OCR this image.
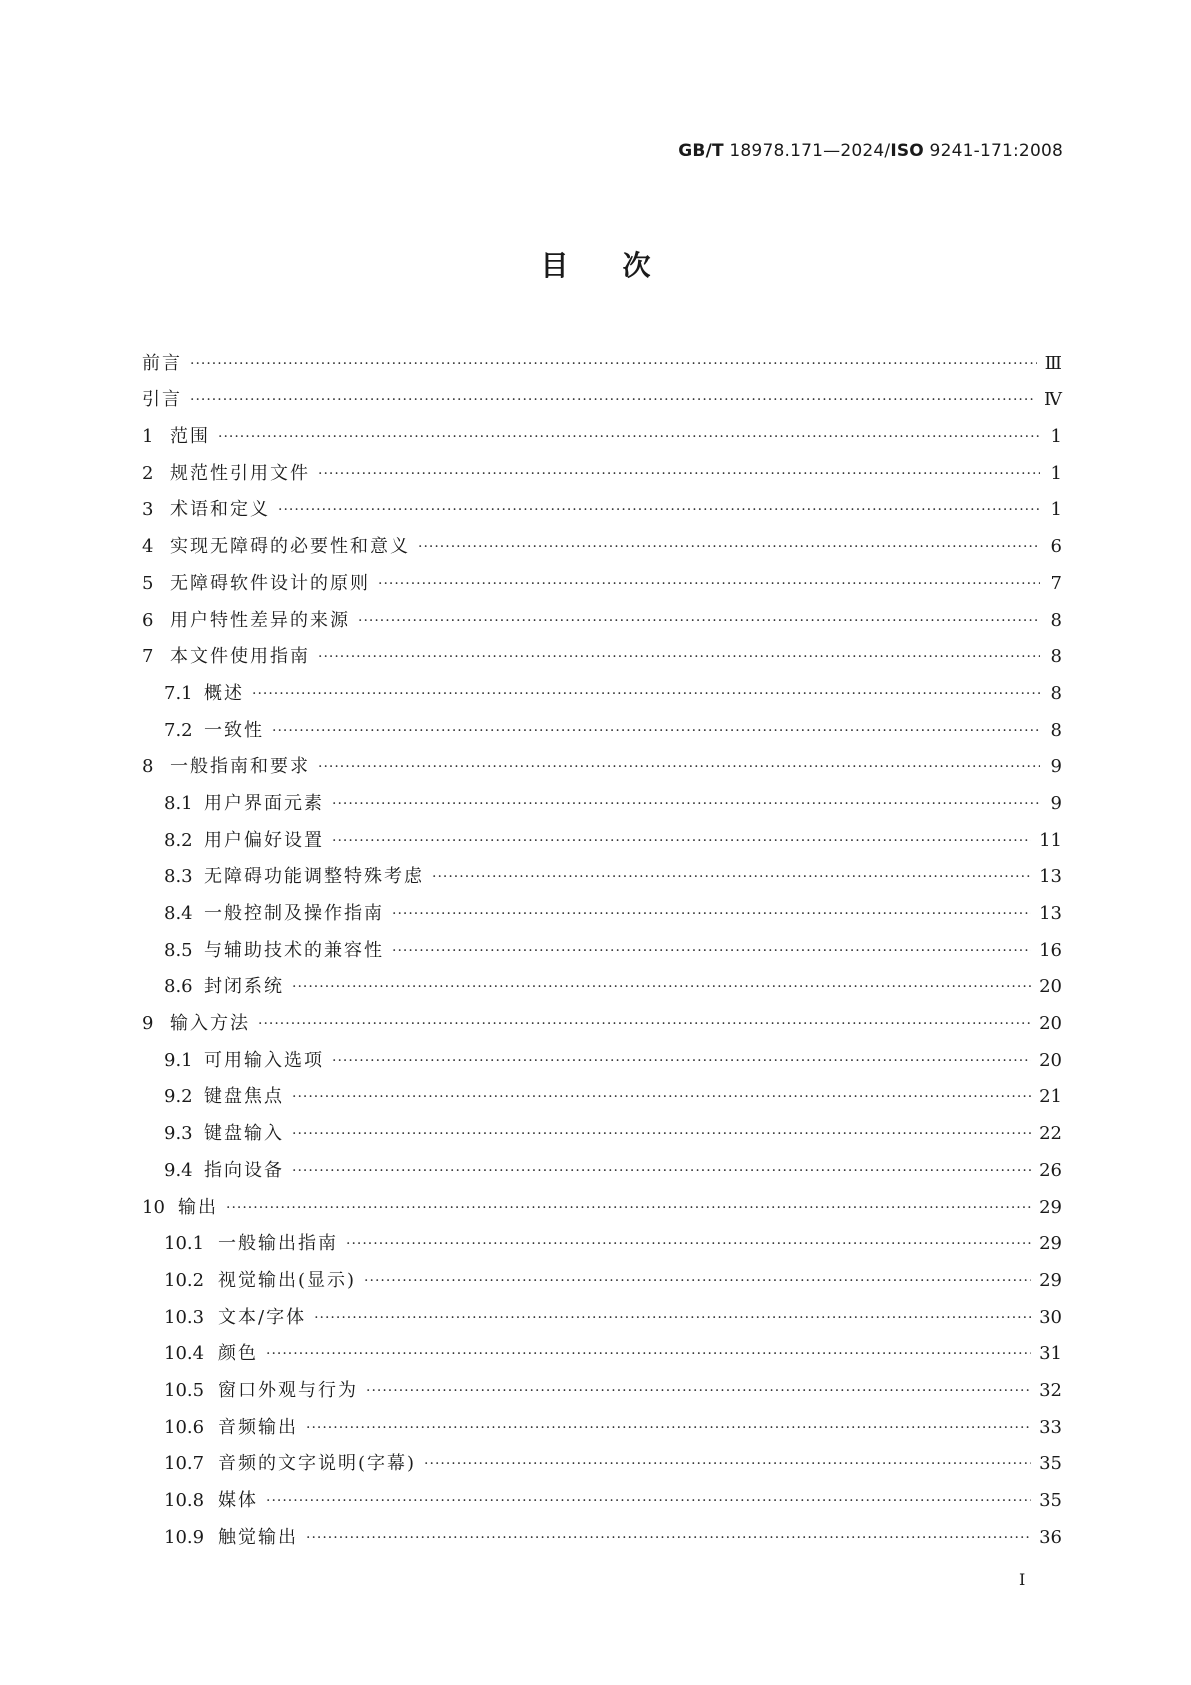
GB/T 18978.171—2024/ISO 9241-171:2008
目次
前言 ·····	Ⅲ
引言 ·····	Ⅳ
1 范围 ·····	1
2 规范性引用文件 ·····	1
3 术语和定义 ·····	1
4 实现无障碍的必要性和意义 ·····	6
5 无障碍软件设计的原则 ·····	7
6 用户特性差异的来源 ·····	8
7 本文件使用指南 ·····	8
7.1 概述 ·····	8
7.2 一致性 ·····	8
8 一般指南和要求 ·····	9
8.1 用户界面元素 ·····	9
8.2 用户偏好设置 ·····	11
8.3 无障碍功能调整特殊考虑 ·····	13
8.4 一般控制及操作指南 ·····	13
8.5 与辅助技术的兼容性 ·····	16
8.6 封闭系统 ·····	20
9 输入方法 ·····	20
9.1 可用输入选项 ·····	20
9.2 键盘焦点 ·····	21
9.3 键盘输入 ·····	22
9.4 指向设备 ·····	26
10 输出 ·····	29
10.1 一般输出指南 ·····	29
10.2 视觉输出(显示) ·····	29
10.3 文本/字体 ·····	30
10.4 颜色 ·····	31
10.5 窗口外观与行为 ·····	32
10.6 音频输出 ·····	33
10.7 音频的文字说明(字幕) ·····	35
10.8 媒体 ·····	35
10.9 触觉输出 ·····	36
Ⅰ
